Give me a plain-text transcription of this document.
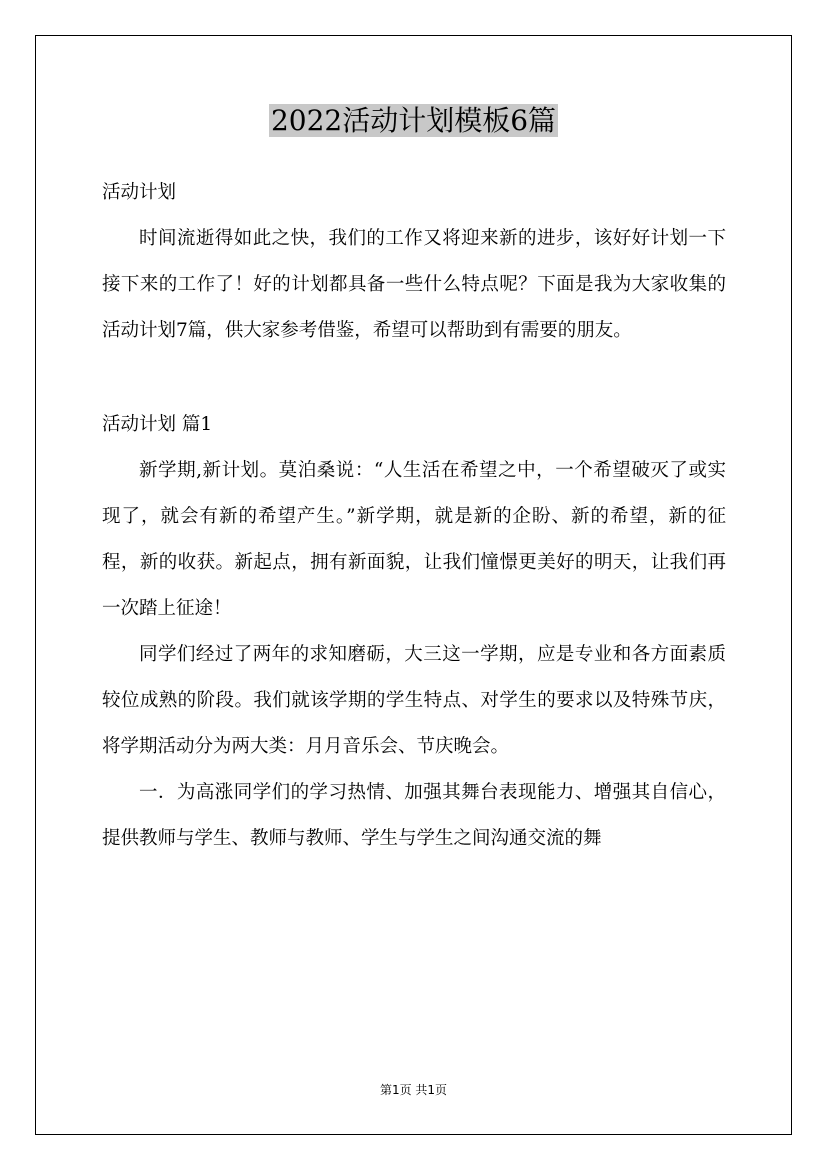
2022活动计划模板6篇

活动计划

时间流逝得如此之快，我们的工作又将迎来新的进步，该好好计划一下接下来的工作了！好的计划都具备一些什么特点呢？下面是我为大家收集的活动计划7篇，供大家参考借鉴，希望可以帮助到有需要的朋友。

活动计划 篇1

新学期,新计划。莫泊桑说：“人生活在希望之中，一个希望破灭了或实现了，就会有新的希望产生。”新学期，就是新的企盼、新的希望，新的征程，新的收获。新起点，拥有新面貌，让我们憧憬更美好的明天，让我们再一次踏上征途！

同学们经过了两年的求知磨砺，大三这一学期，应是专业和各方面素质较位成熟的阶段。我们就该学期的学生特点、对学生的要求以及特殊节庆，将学期活动分为两大类：月月音乐会、节庆晚会。

一．为高涨同学们的学习热情、加强其舞台表现能力、增强其自信心，提供教师与学生、教师与教师、学生与学生之间沟通交流的舞

第1页 共1页
